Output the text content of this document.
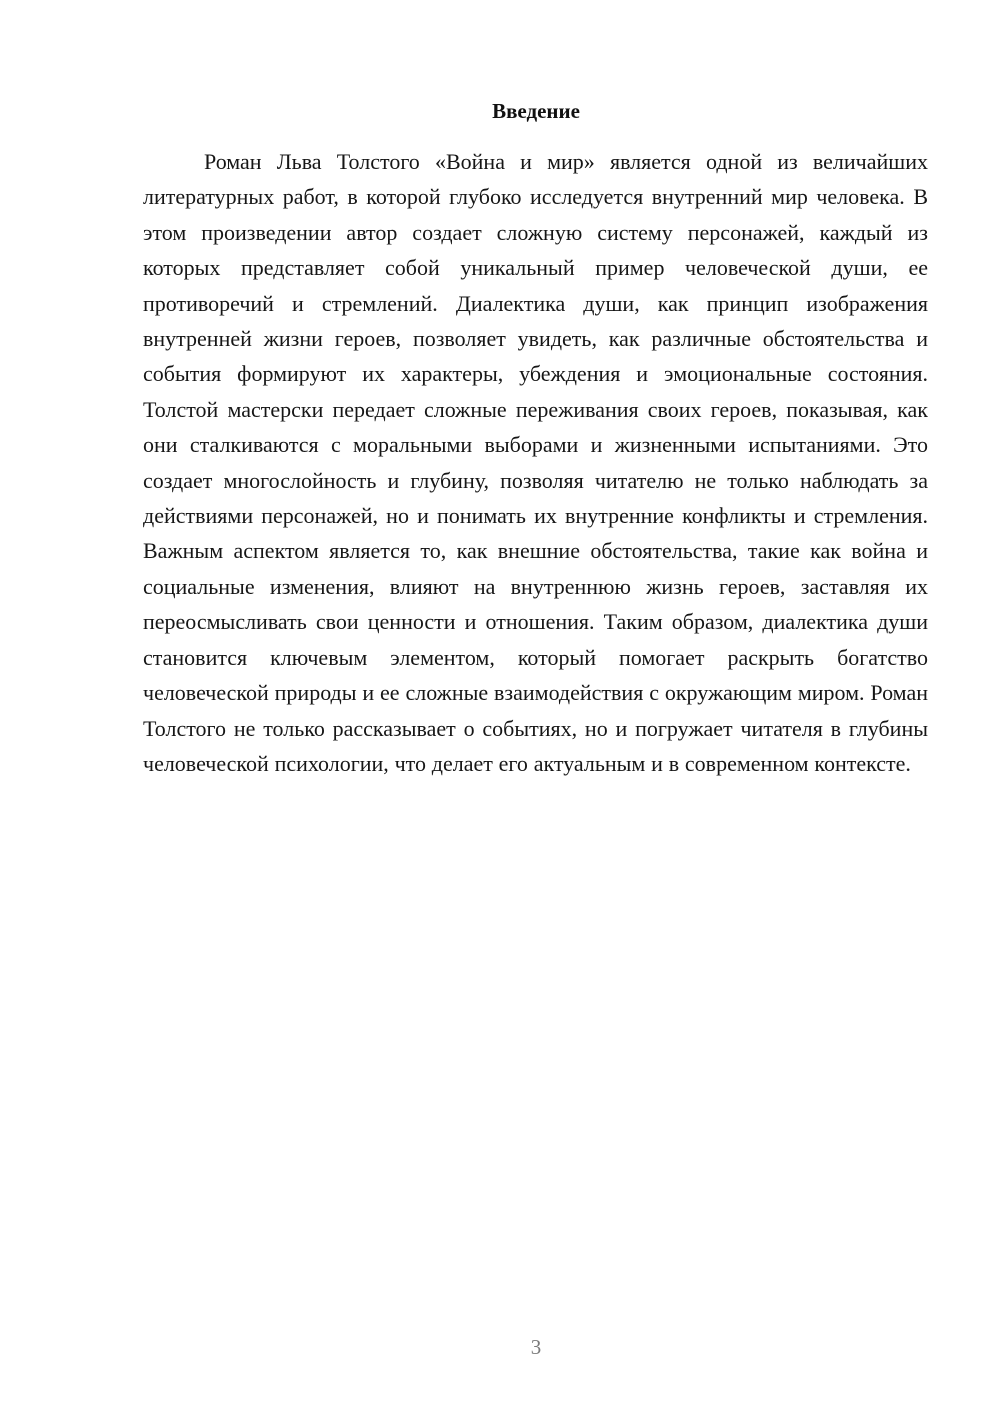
Введение

Роман Льва Толстого «Война и мир» является одной из величайших литературных работ, в которой глубоко исследуется внутренний мир человека. В этом произведении автор создает сложную систему персонажей, каждый из которых представляет собой уникальный пример человеческой души, ее противоречий и стремлений. Диалектика души, как принцип изображения внутренней жизни героев, позволяет увидеть, как различные обстоятельства и события формируют их характеры, убеждения и эмоциональные состояния. Толстой мастерски передает сложные переживания своих героев, показывая, как они сталкиваются с моральными выборами и жизненными испытаниями. Это создает многослойность и глубину, позволяя читателю не только наблюдать за действиями персонажей, но и понимать их внутренние конфликты и стремления. Важным аспектом является то, как внешние обстоятельства, такие как война и социальные изменения, влияют на внутреннюю жизнь героев, заставляя их переосмысливать свои ценности и отношения. Таким образом, диалектика души становится ключевым элементом, который помогает раскрыть богатство человеческой природы и ее сложные взаимодействия с окружающим миром. Роман Толстого не только рассказывает о событиях, но и погружает читателя в глубины человеческой психологии, что делает его актуальным и в современном контексте.

3
